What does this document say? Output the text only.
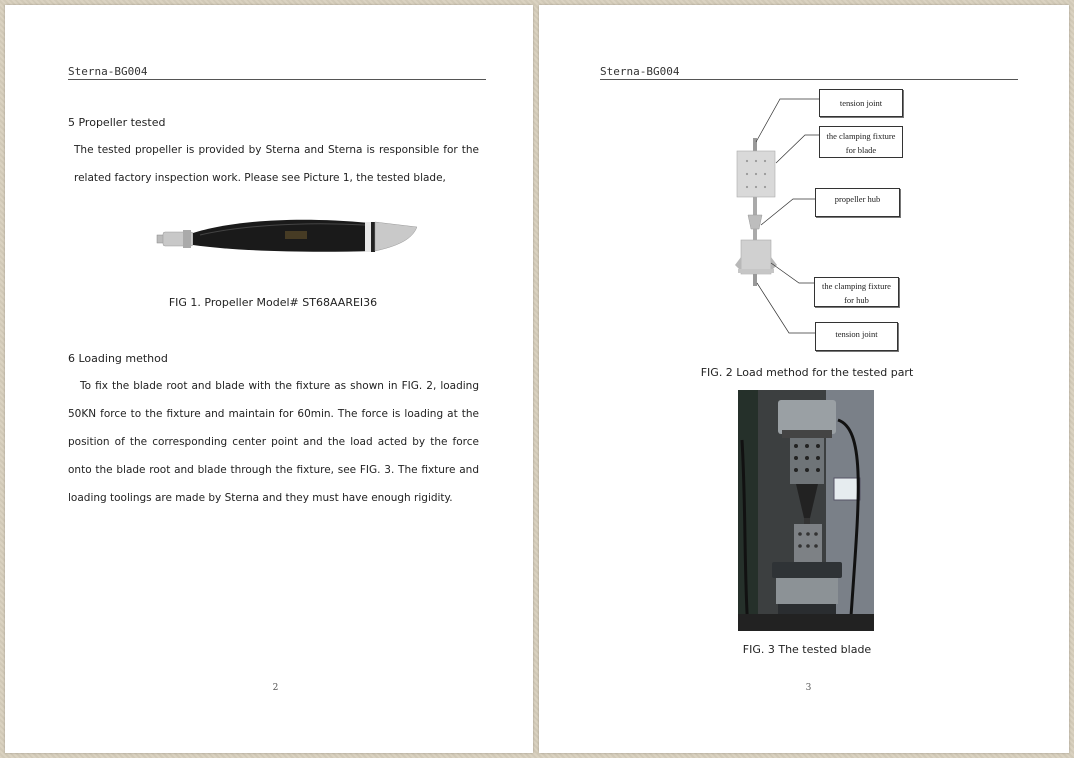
Sterna-BG004
5 Propeller tested
The tested propeller is provided by Sterna and Sterna is responsible for the related factory inspection work. Please see Picture 1, the tested blade,
FIG 1. Propeller Model# ST68AAREI36
6 Loading method
To fix the blade root and blade with the fixture as shown in FIG. 2, loading 50KN force to the fixture and maintain for 60min. The force is loading at the position of the corresponding center point and the load acted by the force onto the blade root and blade through the fixture, see FIG. 3. The fixture and loading toolings are made by Sterna and they must have enough rigidity.
2
Sterna-BG004
tension joint
the clamping fixture
for blade
propeller hub
the clamping fixture
for hub
tension joint
FIG. 2 Load method for the tested part
FIG. 3 The tested blade
3
